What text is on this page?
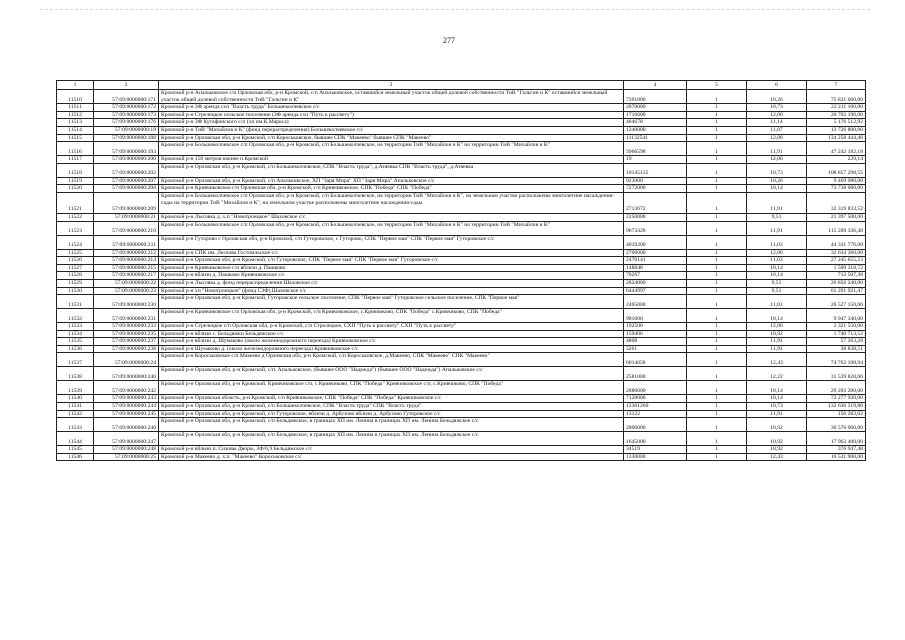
277
1	2	3	4	5	6	7
11510	57:09:0000000:171	Кромской р-н Апальковское с/п Орловская обл, р-н Кромской, с/п Апальковское, оставшийся земельный участок общей долевой собственности ТиВ "Гальгин и К" оставшийся земельный участок общей долевой собственности ТиВ "Гальгин и К"	7391000	1	10,26	75 831 660,00
11511	57:09:0000000:172	Кромской р-н ЗФ аренда схп "Власть труда" Большеколчевское с/с	2070000	1	10,73	22 211 100,00
11512	57:09:0000000:173	Кромской р-н Стрелецкое сельское поселение (ЗФ аренда схп "Путь к рассвету")	1716600	1	12,06	20 702 196,00
11513	57:09:0000000:176	Кромской р-н ЗФ Кутафинского с/п (хп им.К.Маркса)	464678	1	11,14	5 176 512,92
11514	57:09:0000000:18	Кромской р-н ТиВ "Михайлов и К" (фонд перераспределения) Большеколчевское с/с	1240000	1	11,07	13 726 800,00
11515	57:09:0000000:188	Кромской р-н Орловская обл, р-н Кромской, с/п Короськовское, бывшее СПК "Макеево" бывшее СПК "Макеево"	11132541	1	12,06	134 258 444,46
11516	57:09:0000000:193	Кромской р-н Большеколчевское с/п Орловская обл, р-н Кромской, с/п Большеколчевское, на территории ТиВ "Михайлов и К" на территории ТиВ "Михайлов и К"	3966598	1	11,91	47 242 182,18
11517	57:09:0000000:200	Кромской р-н 150 метров южнее п.Кромской	19	1	12,06	229,14
11518	57:09:0000000:202	Кромской р-н Орловская обл, р-н Кромской, с/п Большеколчевское, СПК "Власть труда", д.Атяевка СПК "Власть труда", д.Атяевка	10145135	1	10,73	108 857 298,55
11519	57:09:0000000:207	Кромской р-н Орловская обл, р-н Кромской, с/п Апальковское, ХП "Заря Мира" ХП "Заря Мира" Апальковское с/с	923000	1	10,26	9 469 980,00
11520	57:09:0000000:208	Кромской р-н Кривчиковское с/п Орловская обл, р-н Кромской, с/п Кривчиковское, СПК "Победа" СПК "Победа"	7272000	1	10,14	73 738 080,00
11521	57:09:0000000:209	Кромской р-н Большеколчевское с/п Орловская обл, р-н Кромской, с/п Большеколчевское, на территории ТиВ "Михайлов и К", на земельном участке расположены многолетние насаждения-сады на территории ТиВ "Михайлов и К", на земельном участке расположены многолетние насаждения-сады	2713672	1	11,91	32 319 833,52
11522	57:09:0000000:21	Кромской р-н Лысовка д. х.п "Новотроицкое" Шаховское с/с	2250000	1	9,51	21 397 500,00
11523	57:09:0000000:210	Кромской р-н Большеколчевское с/п Орловская обл, р-н Кромской, с/п Большеколчевское, на территории ТиВ "Михайлов и К" на территории ТиВ "Михайлов и К"	9673328	1	11,91	115 209 336,48
11524	57:09:0000000:211	Кромской р-н Гуторово с Орловская обл, р-н Кромской, с/п Гуторовское, с Гуторово, СПК "Первое мая" СПК "Первое мая" Гуторовское с/с	4019200	1	11,03	44 331 776,00
11525	57:09:0000000:212	Кромской р-н СПК им. Лескова Гостомльское с/с	2706000	1	12,06	32 634 360,00
11526	57:09:0000000:214	Кромской р-н Орловская обл, р-н Кромской, с/п Гуторовское, СПК "Первое мая" СПК "Первое мая" Гуторовское с/с	2470141	1	11,03	27 245 655,23
11527	57:09:0000000:215	Кромской р-н Кривчиковское с/п вблизи д. Пашково	148848	1	10,14	1 509 318,72
11528	57:09:0000000:217	Кромской р-н вблизи д. Пашково Кривчиковское с/с	70267	1	10,14	712 507,38
11529	57:09:0000000:22	Кромской р-н Лысовка д. фонд перераспределения Шаховское с/с	2824000	1	9,51	26 856 240,00
11530	57:09:0000000:23	Кромской р-н хп "Новотроицкое" (фонд СЗФ) Шаховское с/с	6444997	1	9,51	61 291 921,47
11531	57:09:0000000:230	Кромской р-н Орловская обл, р-н Кромской, Гуторовское сельское поселение, СПК "Первое мая" Гуторовское сельское поселение, СПК "Первое мая"	2405000	1	11,03	26 527 150,00
11532	57:09:0000000:231	Кромской р-н Кривчиковское с/п Орловская обл, р-н Кромской, с/п Кривчиковское, с.Кривчиково, СПК "Победа" с.Кривчиково, СПК "Победа"	981000	1	10,14	9 947 340,00
11533	57:09:0000000:233	Кромской р-н Стрелецкое с/п Орловская обл, р-н Кромской, с/п Стрелецкое, СХП "Путь к рассвету" СХП "Путь к рассвету"	192500	1	12,06	2 321 550,00
11534	57:09:0000000:235	Кромской р-н вблизи с. Бельдяжки Бельдяжское с/с	159406	1	10,92	1 740 713,52
11535	57:09:0000000:237	Кромской р-н вблизи д. Шумаково (около железнодорожного переезда) Кривчиковское с/с	4808	1	11,91	57 263,28
11536	57:09:0000000:238	Кромской р-н Шумаково д. (около железнодорожного переезда) Кривчиковское с/с	3261	1	11,91	38 838,51
11537	57:09:0000000:24	Кромской р-н Короськовское с/п Макеево д Орловская обл, р-н Кромской, с/п Короськовское, д.Макеево, СПК "Макеево" СПК "Макеево"	6014658	1	12,43	74 762 198,94
11538	57:09:0000000:240	Кромской р-н Орловская обл, р-н Кромской, с/п. Апальковское, (бывшее ООО "Надежда") (бывшее ООО "Надежда") Апальковское с/с	2581000	1	12,22	31 539 820,00
11539	57:09:0000000:242	Кромской р-н Орловская обл, р-н Кромской, Кривчиковское с/п, с.Кривчиково, СПК "Победа" Кривчиковское с/п, с.Кривчиково, СПК "Победа"	2880000	1	10,14	29 203 200,00
11540	57:09:0000000:243	Кромской р-н Орловская область, р-н Кромской, с/п Кривчиковское, СПК "Победа" СПК "Победа" Кривчиковское с/с	7128000	1	10,14	72 277 920,00
11541	57:09:0000000:244	Кромской р-н Орловская обл, р-н Кромской, с/п Большеколчевское, СПК "Власть труда" СПК "Власть труда"	12361260	1	10,73	132 636 319,80
11542	57:09:0000000:245	Кромской р-н Орловская обл, р-н Кромской, с/п Гуторовское, вблизи д. Арбузово вблизи д. Арбузово Гуторовское с/с	13122	1	11,91	156 283,02
11543	57:09:0000000:246	Кромской р-н Орловская обл, р-н Кромской, с/п Бельдяжское, в границах ХП им. Ленина в границах ХП им. Ленина Бельдяжское с/с	2800000	1	10,92	30 576 000,00
11544	57:09:0000000:247	Кромской р-н Орловская обл, р-н Кромской, с/п Бельдяжское, в границах ХП им. Ленина в границах ХП им. Ленина Бельдяжское с/с	1645000	1	10,92	17 963 400,00
11545	57:09:0000000:248	Кромской р-н вблизи п. Сизовы Дворы, ЗФ/6,9 Бельдяжское с/с	34519	1	10,92	376 947,48
11546	57:09:0000000:25	Кромской р-н Макеево д. х.п. "Макеево" Короськовское с/с	1330000	1	12,43	16 531 900,00
